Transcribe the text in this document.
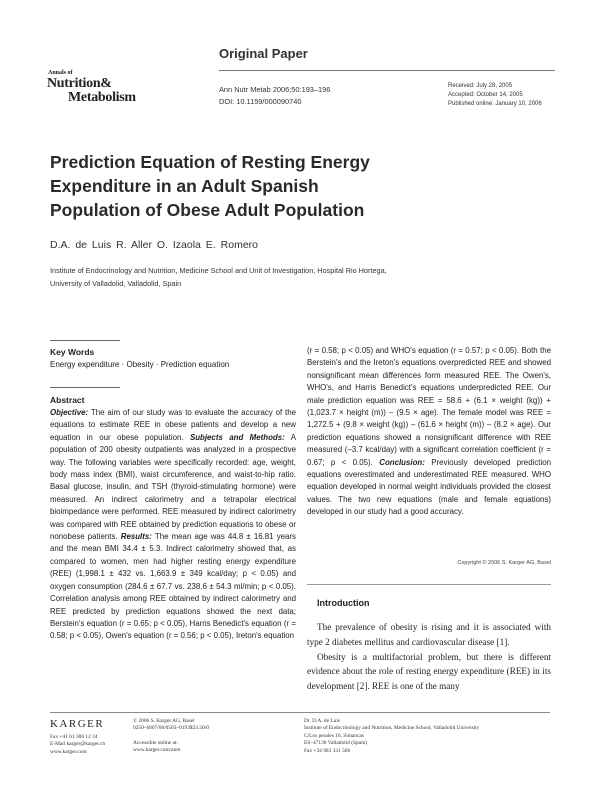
Original Paper
Annals of
Nutrition&
Metabolism
Ann Nutr Metab 2006;50:193–196
DOI: 10.1159/000090740
Received: July 28, 2005
Accepted: October 14, 2005
Published online: January 10, 2006
Prediction Equation of Resting Energy
Expenditure in an Adult Spanish
Population of Obese Adult Population
D.A. de Luis R. Aller O. Izaola E. Romero
Institute of Endocrinology and Nutrition, Medicine School and Unit of Investigation, Hospital Rio Hortega,
University of Valladolid, Valladolid, Spain
Key Words
Energy expenditure · Obesity · Prediction equation
Abstract
Objective: The aim of our study was to evaluate the accuracy of the equations to estimate REE in obese patients and develop a new equation in our obese population. Subjects and Methods: A population of 200 obesity outpatients was analyzed in a prospective way. The following variables were specifically recorded: age, weight, body mass index (BMI), waist circumference, and waist-to-hip ratio. Basal glucose, insulin, and TSH (thyroid-stimulating hormone) were measured. An indirect calorimetry and a tetrapolar electrical bioimpedance were performed. REE measured by indirect calorimetry was compared with REE obtained by prediction equations to obese or nonobese patients. Results: The mean age was 44.8 ± 16.81 years and the mean BMI 34.4 ± 5.3. Indirect calorimetry showed that, as compared to women, men had higher resting energy expenditure (REE) (1,998.1 ± 432 vs. 1,663.9 ± 349 kcal/day; p < 0.05) and oxygen consumption (284.6 ± 67.7 vs. 238.6 ± 54.3 ml/min; p < 0.05). Correlation analysis among REE obtained by indirect calorimetry and REE predicted by prediction equations showed the next data; Berstein's equation (r = 0.65; p < 0.05), Harris Benedict's equation (r = 0.58; p < 0.05), Owen's equation (r = 0.56; p < 0.05), Ireton's equation
(r = 0.58; p < 0.05) and WHO's equation (r = 0.57; p < 0.05). Both the Berstein's and the Ireton's equations overpredicted REE and showed nonsignificant mean differences form measured REE. The Owen's, WHO's, and Harris Benedict's equations underpredicted REE. Our male prediction equation was REE = 58.6 + (6.1 × weight (kg)) + (1,023.7 × height (m)) – (9.5 × age). The female model was REE = 1,272.5 + (9.8 × weight (kg)) – (61.6 × height (m)) – (8.2 × age). Our prediction equations showed a nonsignificant difference with REE measured (–3.7 kcal/day) with a significant correlation coefficient (r = 0.67; p < 0.05). Conclusion: Previously developed prediction equations overestimated and underestimated REE measured. WHO equation developed in normal weight individuals provided the closest values. The two new equations (male and female equations) developed in our study had a good accuracy.
Copyright © 2006 S. Karger AG, Basel
Introduction

The prevalence of obesity is rising and it is associated with type 2 diabetes mellitus and cardiovascular disease [1].

Obesity is a multifactorial problem, but there is different evidence about the role of resting energy expenditure (REE) in its development [2]. REE is one of the many

KARGER
Fax +41 61 306 12 34
E-Mail karger@karger.ch
www.karger.com
© 2006 S. Karger AG, Basel
0250–6807/06/0503–0193$23.50/0
Accessible online at:
www.karger.com/anm
Dr. D.A. de Luis
Institute of Endocrinology and Nutrition, Medicine School, Valladolid University
C/Los perales 16, Simancas
ES–47130 Valladolid (Spain)
Fax +34 983 331 566
